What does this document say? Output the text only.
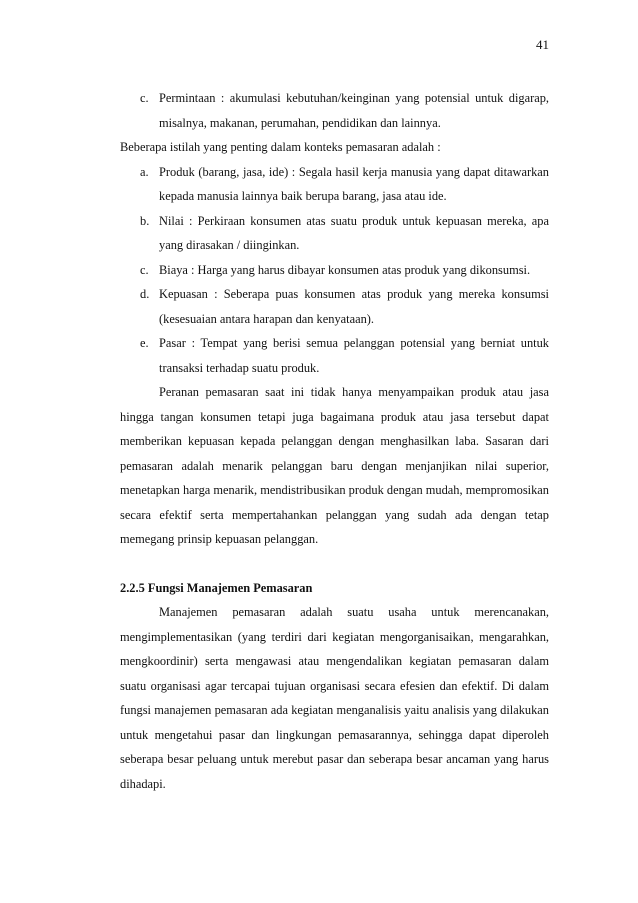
41
c. Permintaan : akumulasi kebutuhan/keinginan yang potensial untuk digarap, misalnya, makanan, perumahan, pendidikan dan lainnya.

Beberapa istilah yang penting dalam konteks pemasaran adalah :

a. Produk (barang, jasa, ide) : Segala hasil kerja manusia yang dapat ditawarkan kepada manusia lainnya baik berupa barang, jasa atau ide.
b. Nilai : Perkiraan konsumen atas suatu produk untuk kepuasan mereka, apa yang dirasakan / diinginkan.
c. Biaya : Harga yang harus dibayar konsumen atas produk yang dikonsumsi.
d. Kepuasan : Seberapa puas konsumen atas produk yang mereka konsumsi (kesesuaian antara harapan dan kenyataan).
e. Pasar : Tempat yang berisi semua pelanggan potensial yang berniat untuk transaksi terhadap suatu produk.

Peranan pemasaran saat ini tidak hanya menyampaikan produk atau jasa hingga tangan konsumen tetapi juga bagaimana produk atau jasa tersebut dapat memberikan kepuasan kepada pelanggan dengan menghasilkan laba. Sasaran dari pemasaran adalah menarik pelanggan baru dengan menjanjikan nilai superior, menetapkan harga menarik, mendistribusikan produk dengan mudah, mempromosikan secara efektif serta mempertahankan pelanggan yang sudah ada dengan tetap memegang prinsip kepuasan pelanggan.

2.2.5 Fungsi Manajemen Pemasaran

Manajemen pemasaran adalah suatu usaha untuk merencanakan, mengimplementasikan (yang terdiri dari kegiatan mengorganisaikan, mengarahkan, mengkoordinir) serta mengawasi atau mengendalikan kegiatan pemasaran dalam suatu organisasi agar tercapai tujuan organisasi secara efesien dan efektif. Di dalam fungsi manajemen pemasaran ada kegiatan menganalisis yaitu analisis yang dilakukan untuk mengetahui pasar dan lingkungan pemasarannya, sehingga dapat diperoleh seberapa besar peluang untuk merebut pasar dan seberapa besar ancaman yang harus dihadapi.
